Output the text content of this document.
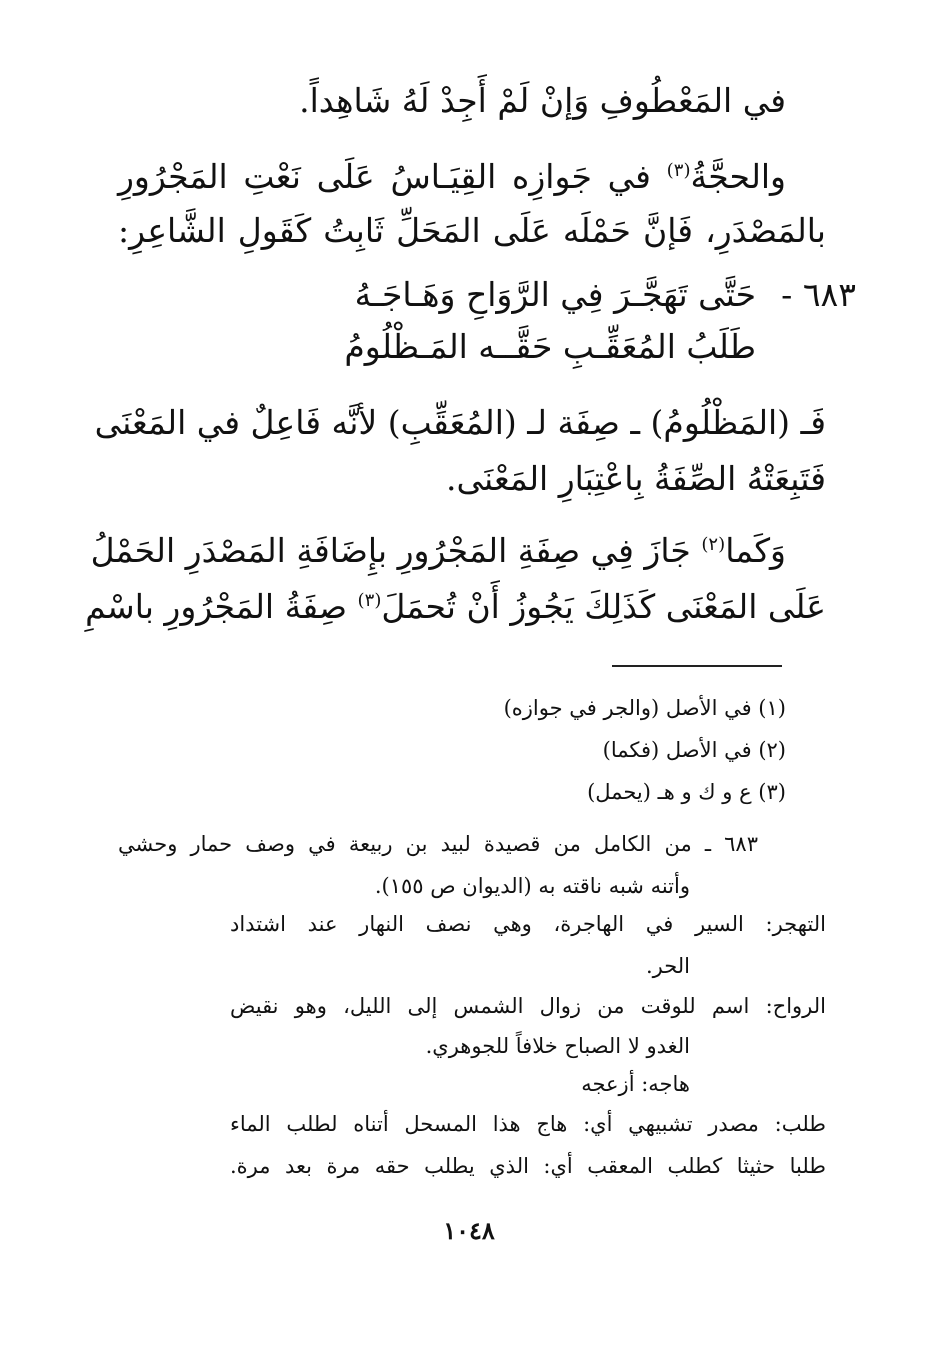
في المَعْطُوفِ وَإنْ لَمْ أَجِدْ لَهُ شَاهِداً.
والحجَّةُ$^{(٣)}$ في جَوازِه القِيَـاسُ عَلَى نَعْتِ المَجْرُورِ
بالمَصْدَرِ، فَإنَّ حَمْلَه عَلَى المَحَلِّ ثَابِتُ كَقَولِ الشَّاعِرِ:
٦٨٣ -
حَتَّى تَهَجَّـرَ فِي الرَّوَاحِ وَهَـاجَـهُ
طَلَبُ المُعَقِّـبِ حَقَّــه المَـظْلُومُ
فَـ (المَظْلُومُ) ـ صِفَة لـ (المُعَقِّبِ) لأنَّه فَاعِلٌ في المَعْنَى
فَتَبِعَتْهُ الصِّفَةُ بِاعْتِبَارِ المَعْنَى.
وَكَما$^{(٢)}$ جَازَ فِي صِفَةِ المَجْرُورِ بإِضَافَةِ المَصْدَرِ الحَمْلُ
عَلَى المَعْنَى كَذَلِكَ يَجُوزُ أَنْ تُحمَلَ$^{(٣)}$ صِفَةُ المَجْرُورِ باسْمِ
(١) في الأصل (والجر في جوازه)
(٢) في الأصل (فكما)
(٣) ع و ك و هـ (يحمل)
٦٨٣ ـ من الكامل من قصيدة لبيد بن ربيعة في وصف حمار وحشي
وأتنه شبه ناقته به (الديوان ص ١٥٥).
التهجر: السير في الهاجرة، وهي نصف النهار عند اشتداد
الحر.
الرواح: اسم للوقت من زوال الشمس إلى الليل، وهو نقيض
الغدو لا الصباح خلافاً للجوهري.
هاجه: أزعجه
طلب: مصدر تشبيهي أي: هاج هذا المسحل أتناه لطلب الماء
طلبا حثيثا كطلب المعقب أي: الذي يطلب حقه مرة بعد مرة.
١٠٤٨
